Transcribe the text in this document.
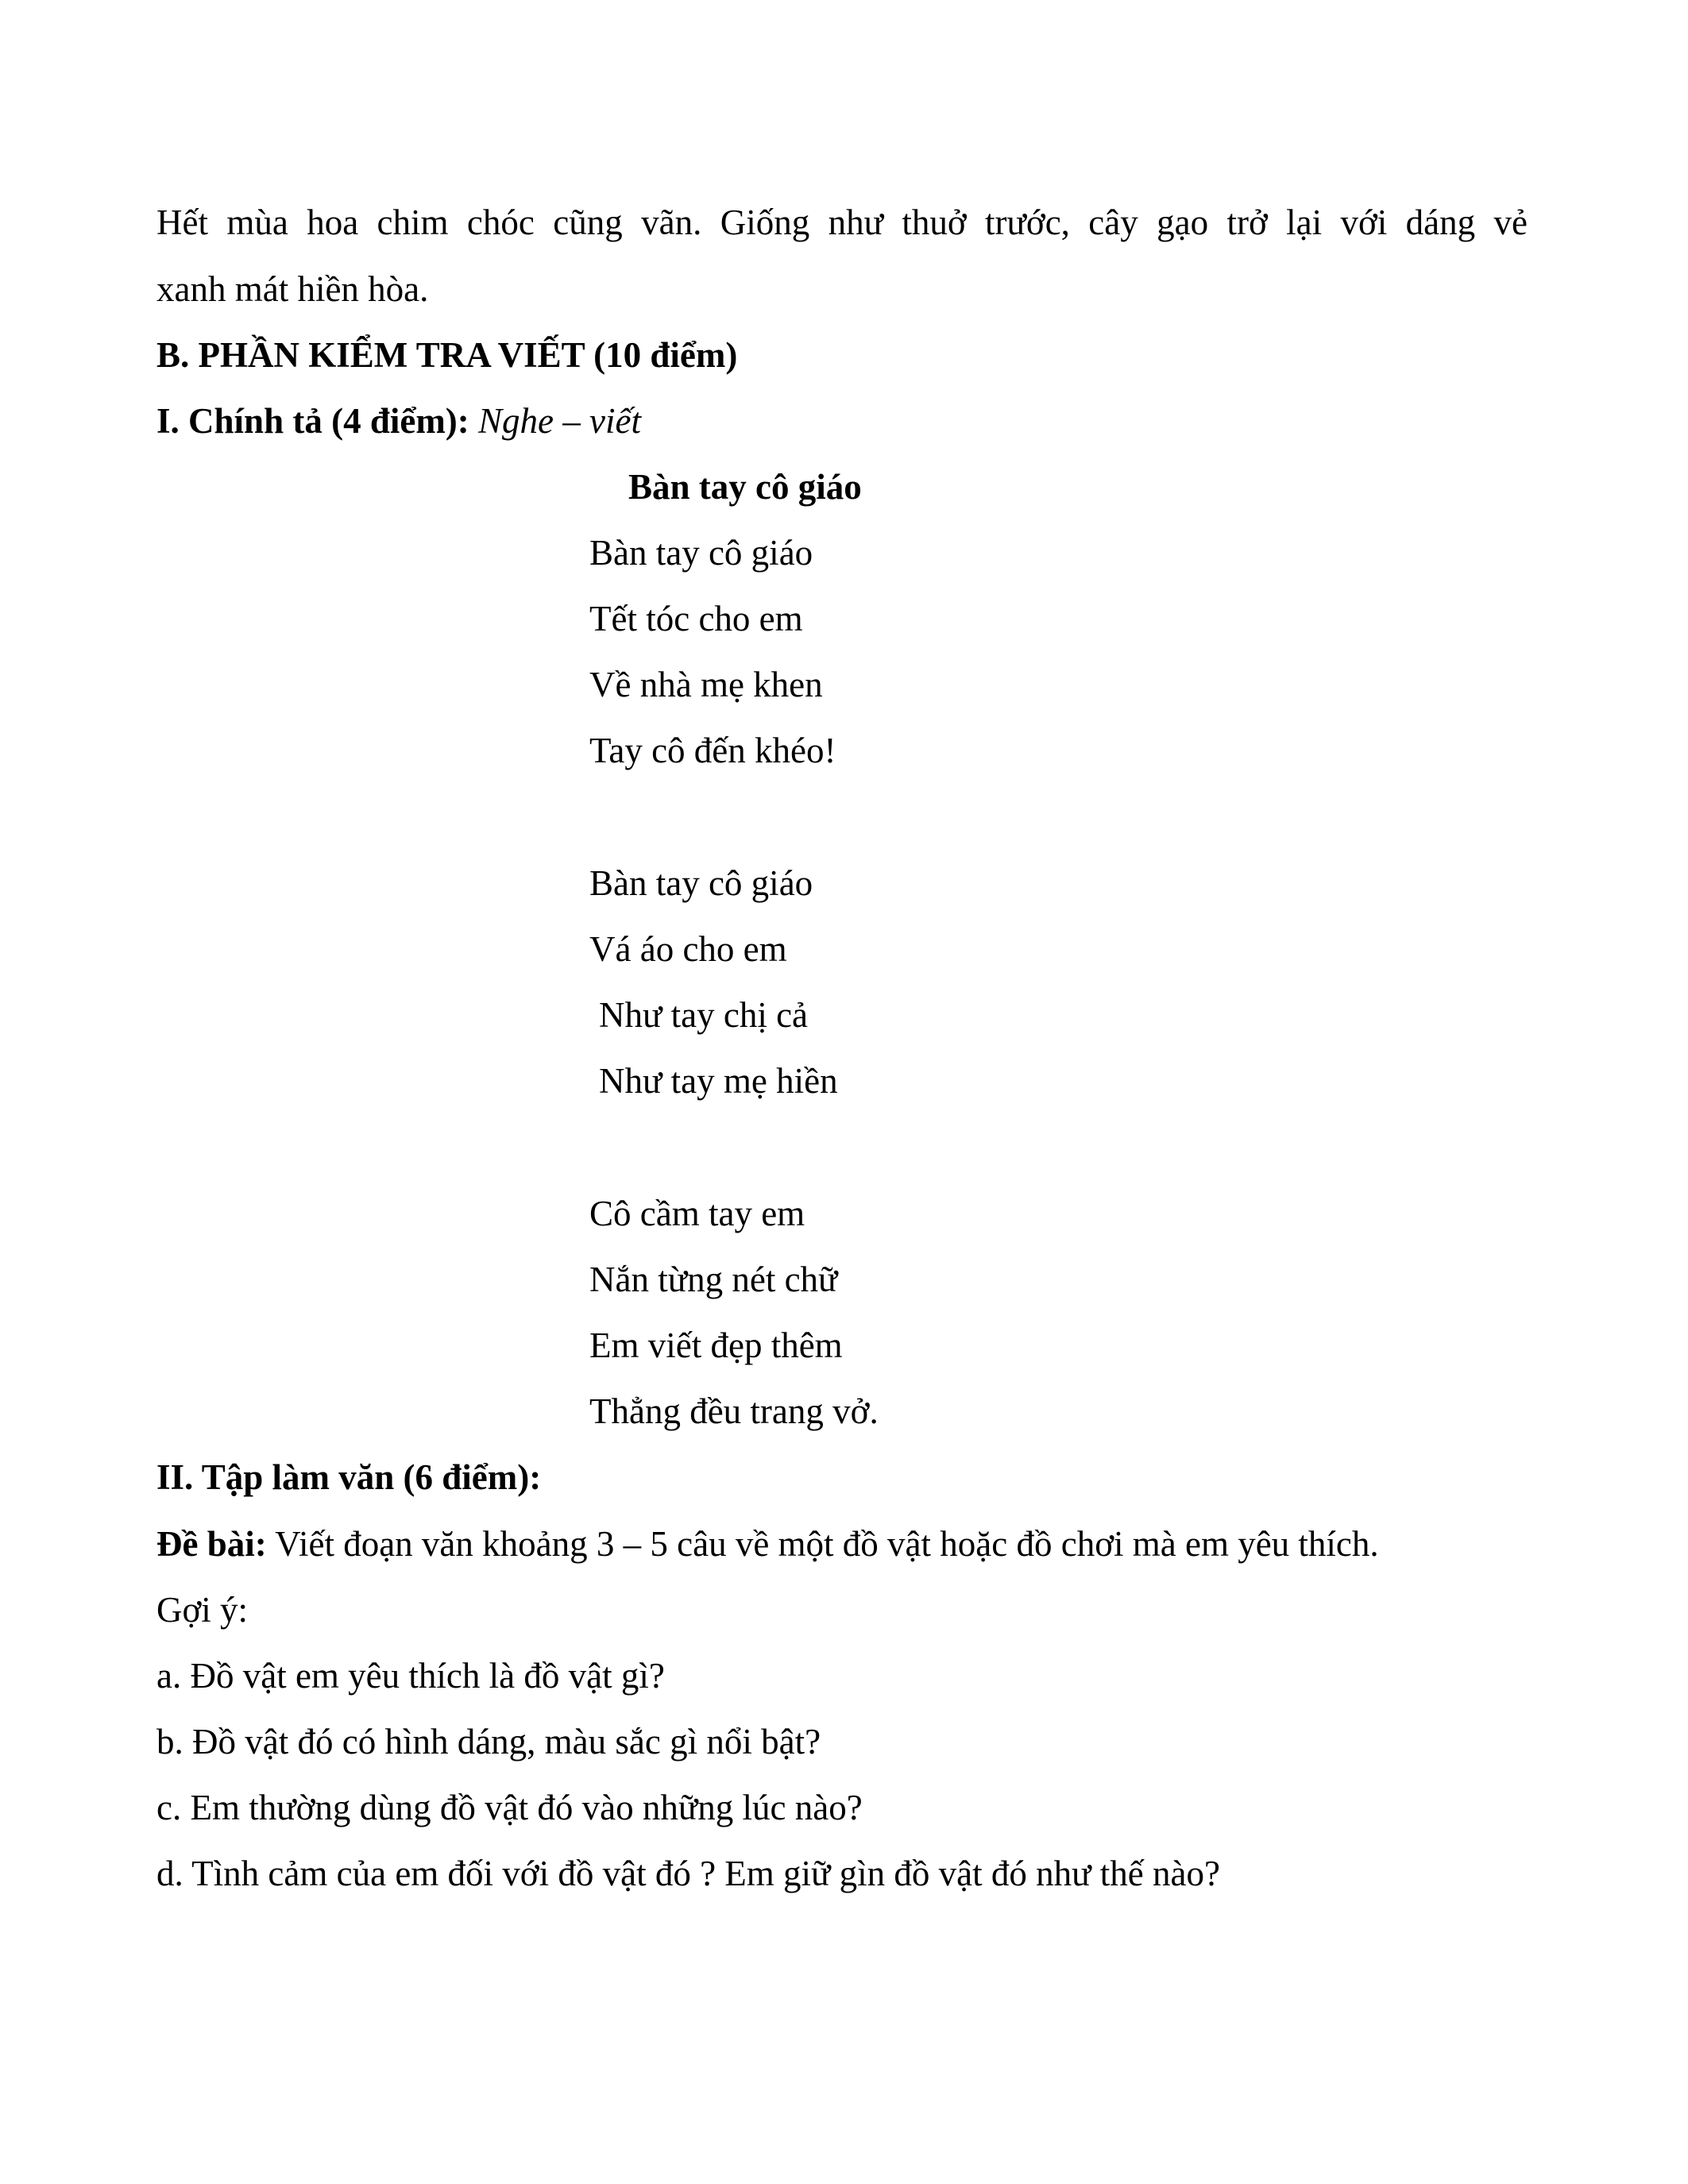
Hết mùa hoa chim chóc cũng vãn. Giống như thuở trước, cây gạo trở lại với dáng vẻ
xanh mát hiền hòa.
B. PHẦN KIỂM TRA VIẾT (10 điểm)
I. Chính tả (4 điểm): Nghe – viết
Bàn tay cô giáo
Bàn tay cô giáo
Tết tóc cho em
Về nhà mẹ khen
Tay cô đến khéo!
Bàn tay cô giáo
Vá áo cho em
Như tay chị cả
Như tay mẹ hiền
Cô cầm tay em
Nắn từng nét chữ
Em viết đẹp thêm
Thẳng đều trang vở.
II. Tập làm văn (6 điểm):
Đề bài: Viết đoạn văn khoảng 3 – 5 câu về một đồ vật hoặc đồ chơi mà em yêu thích.
Gợi ý:
a. Đồ vật em yêu thích là đồ vật gì?
b. Đồ vật đó có hình dáng, màu sắc gì nổi bật?
c. Em thường dùng đồ vật đó vào những lúc nào?
d. Tình cảm của em đối với đồ vật đó ? Em giữ gìn đồ vật đó như thế nào?
